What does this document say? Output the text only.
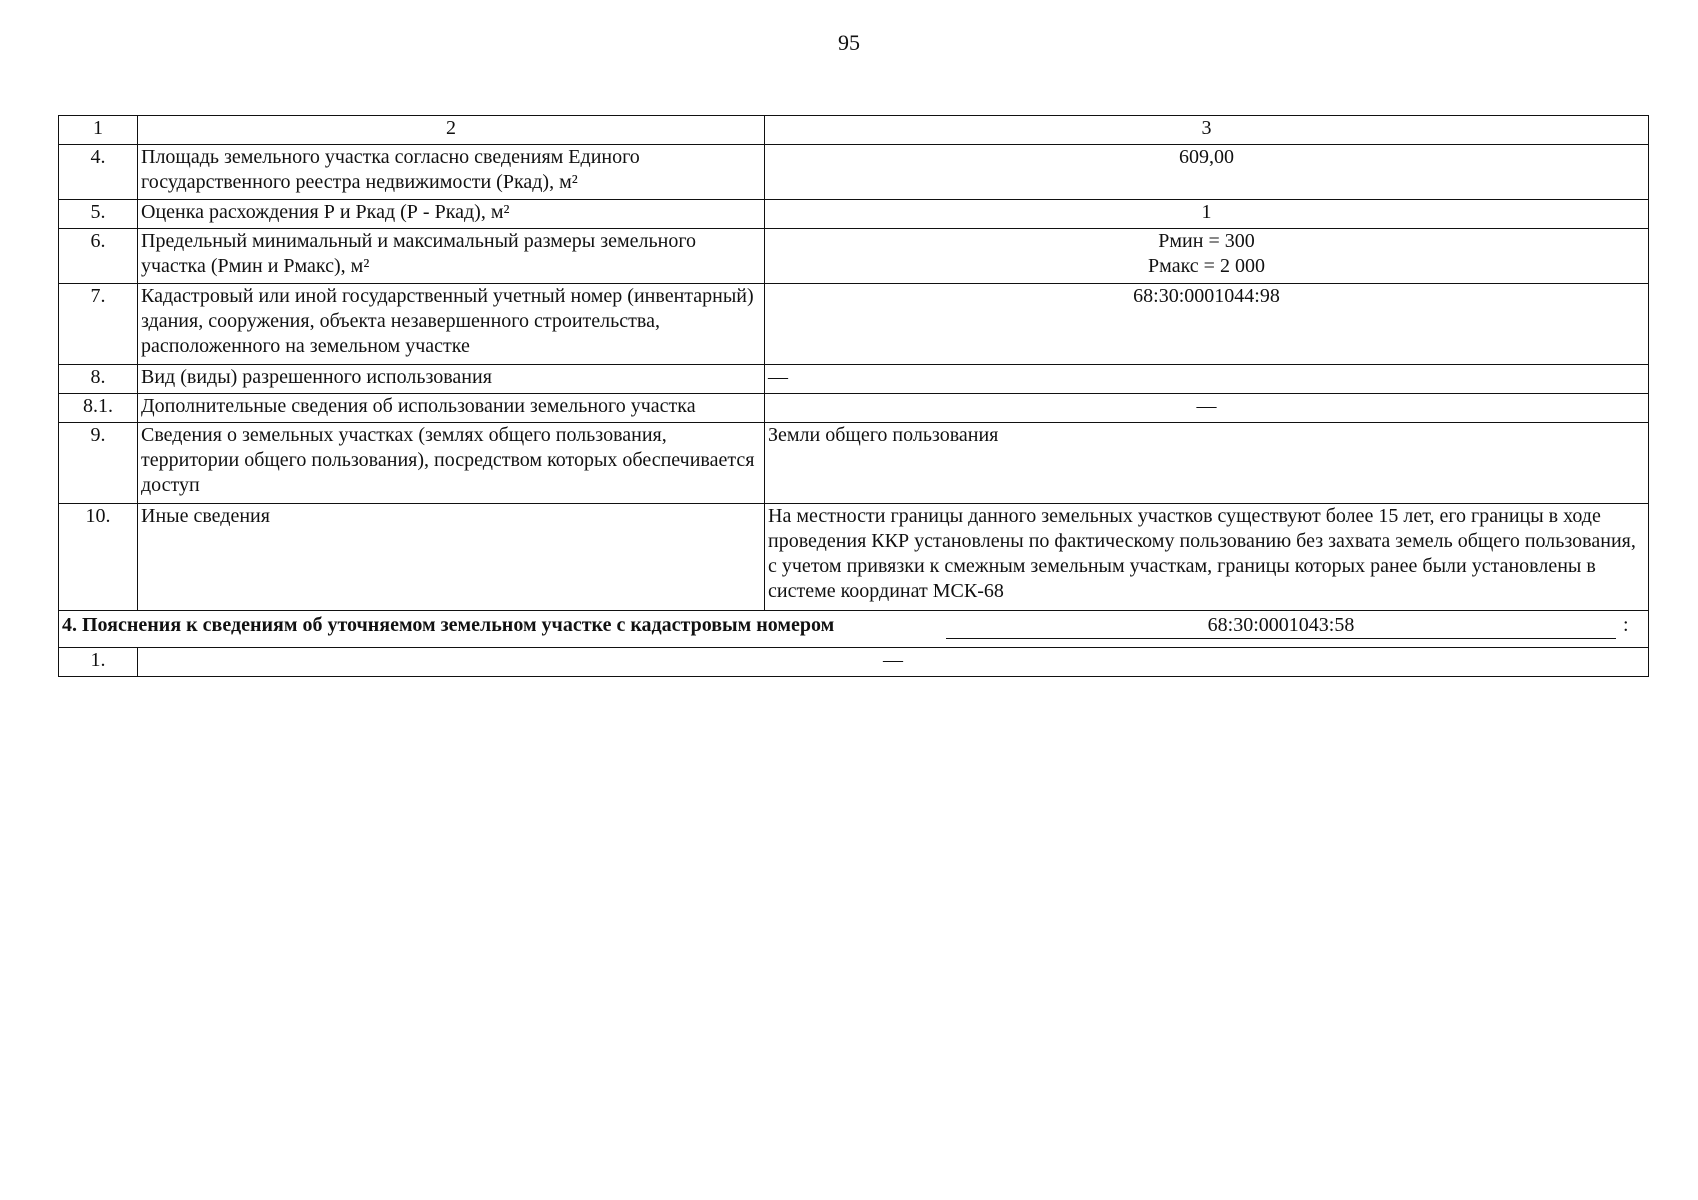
95
1	2	3
4.	Площадь земельного участка согласно сведениям Единого государственного реестра недвижимости (Ркад), м²	609,00
5.	Оценка расхождения Р и Ркад (Р - Ркад), м²	1
6.	Предельный минимальный и максимальный размеры земельного участка (Рмин и Рмакс), м²	Рмин = 300
Рмакс = 2 000

7.	Кадастровый или иной государственный учетный номер (инвентарный) здания, сооружения, объекта незавершенного строительства, расположенного на земельном участке	68:30:0001044:98
8.	Вид (виды) разрешенного использования	—
8.1.	Дополнительные сведения об использовании земельного участка	—
9.	Сведения о земельных участках (землях общего пользования, территории общего пользования), посредством которых обеспечивается доступ	Земли общего пользования
10.	Иные сведения	На местности границы данного земельных участков существуют более 15 лет, его границы в ходе проведения ККР установлены по фактическому пользованию без захвата земель общего пользования, с учетом привязки к смежным земельным участкам, границы которых ранее были установлены в системе координат МСК-68

4. Пояснения к сведениям об уточняемом земельном участке с кадастровым номером 68:30:0001043:58 :		

1.	—	
